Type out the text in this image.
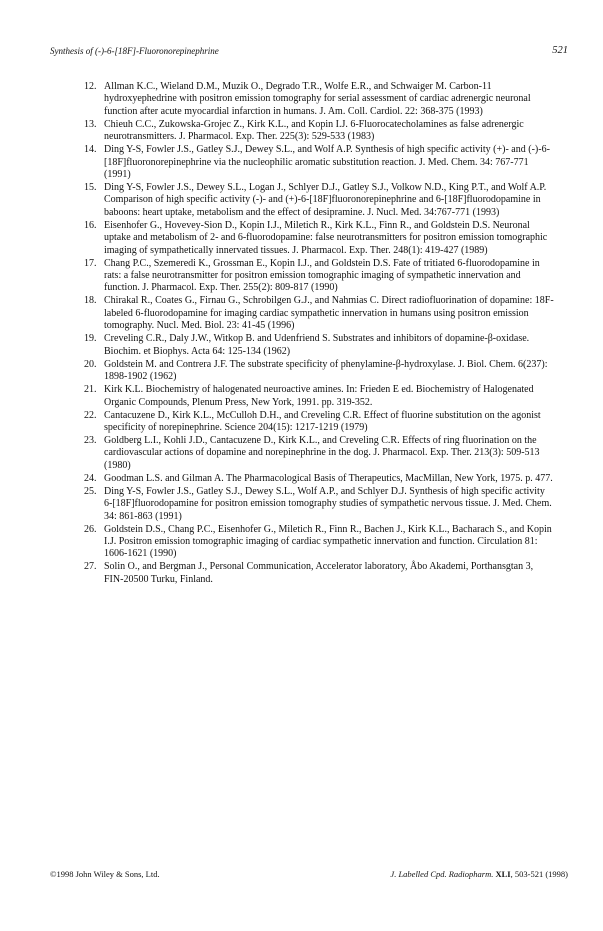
Synthesis of (-)-6-[18F]-Fluoronorepinephrine	521
12. Allman K.C., Wieland D.M., Muzik O., Degrado T.R., Wolfe E.R., and Schwaiger M. Carbon-11 hydroxyephedrine with positron emission tomography for serial assessment of cardiac adrenergic neuronal function after acute myocardial infarction in humans. J. Am. Coll. Cardiol. 22: 368-375 (1993)
13. Chieuh C.C., Zukowska-Grojec Z., Kirk K.L., and Kopin I.J. 6-Fluorocatecholamines as false adrenergic neurotransmitters. J. Pharmacol. Exp. Ther. 225(3): 529-533 (1983)
14. Ding Y-S, Fowler J.S., Gatley S.J., Dewey S.L., and Wolf A.P. Synthesis of high specific activity (+)- and (-)-6-[18F]fluoronorepinephrine via the nucleophilic aromatic substitution reaction. J. Med. Chem. 34: 767-771 (1991)
15. Ding Y-S, Fowler J.S., Dewey S.L., Logan J., Schlyer D.J., Gatley S.J., Volkow N.D., King P.T., and Wolf A.P. Comparison of high specific activity (-)- and (+)-6-[18F]fluoronorepinephrine and 6-[18F]fluorodopamine in baboons: heart uptake, metabolism and the effect of desipramine. J. Nucl. Med. 34:767-771 (1993)
16. Eisenhofer G., Hovevey-Sion D., Kopin I.J., Miletich R., Kirk K.L., Finn R., and Goldstein D.S. Neuronal uptake and metabolism of 2- and 6-fluorodopamine: false neurotransmitters for positron emission tomographic imaging of sympathetically innervated tissues. J. Pharmacol. Exp. Ther. 248(1): 419-427 (1989)
17. Chang P.C., Szemeredi K., Grossman E., Kopin I.J., and Goldstein D.S. Fate of tritiated 6-fluorodopamine in rats: a false neurotransmitter for positron emission tomographic imaging of sympathetic innervation and function. J. Pharmacol. Exp. Ther. 255(2): 809-817 (1990)
18. Chirakal R., Coates G., Firnau G., Schrobilgen G.J., and Nahmias C. Direct radiofluorination of dopamine: 18F-labeled 6-fluorodopamine for imaging cardiac sympathetic innervation in humans using positron emission tomography. Nucl. Med. Biol. 23: 41-45 (1996)
19. Creveling C.R., Daly J.W., Witkop B. and Udenfriend S. Substrates and inhibitors of dopamine-β-oxidase. Biochim. et Biophys. Acta 64: 125-134 (1962)
20. Goldstein M. and Contrera J.F. The substrate specificity of phenylamine-β-hydroxylase. J. Biol. Chem. 6(237): 1898-1902 (1962)
21. Kirk K.L. Biochemistry of halogenated neuroactive amines. In: Frieden E ed. Biochemistry of Halogenated Organic Compounds, Plenum Press, New York, 1991. pp. 319-352.
22. Cantacuzene D., Kirk K.L., McCulloh D.H., and Creveling C.R. Effect of fluorine substitution on the agonist specificity of norepinephrine. Science 204(15): 1217-1219 (1979)
23. Goldberg L.I., Kohli J.D., Cantacuzene D., Kirk K.L., and Creveling C.R. Effects of ring fluorination on the cardiovascular actions of dopamine and norepinephrine in the dog. J. Pharmacol. Exp. Ther. 213(3): 509-513 (1980)
24. Goodman L.S. and Gilman A. The Pharmacological Basis of Therapeutics, MacMillan, New York, 1975. p. 477.
25. Ding Y-S, Fowler J.S., Gatley S.J., Dewey S.L., Wolf A.P., and Schlyer D.J. Synthesis of high specific activity 6-[18F]fluorodopamine for positron emission tomography studies of sympathetic nervous tissue. J. Med. Chem. 34: 861-863 (1991)
26. Goldstein D.S., Chang P.C., Eisenhofer G., Miletich R., Finn R., Bachen J., Kirk K.L., Bacharach S., and Kopin I.J. Positron emission tomographic imaging of cardiac sympathetic innervation and function. Circulation 81: 1606-1621 (1990)
27. Solin O., and Bergman J., Personal Communication, Accelerator laboratory, Åbo Akademi, Porthansgtan 3, FIN-20500 Turku, Finland.
©1998 John Wiley & Sons, Ltd.	J. Labelled Cpd. Radiopharm. XLI, 503-521 (1998)
